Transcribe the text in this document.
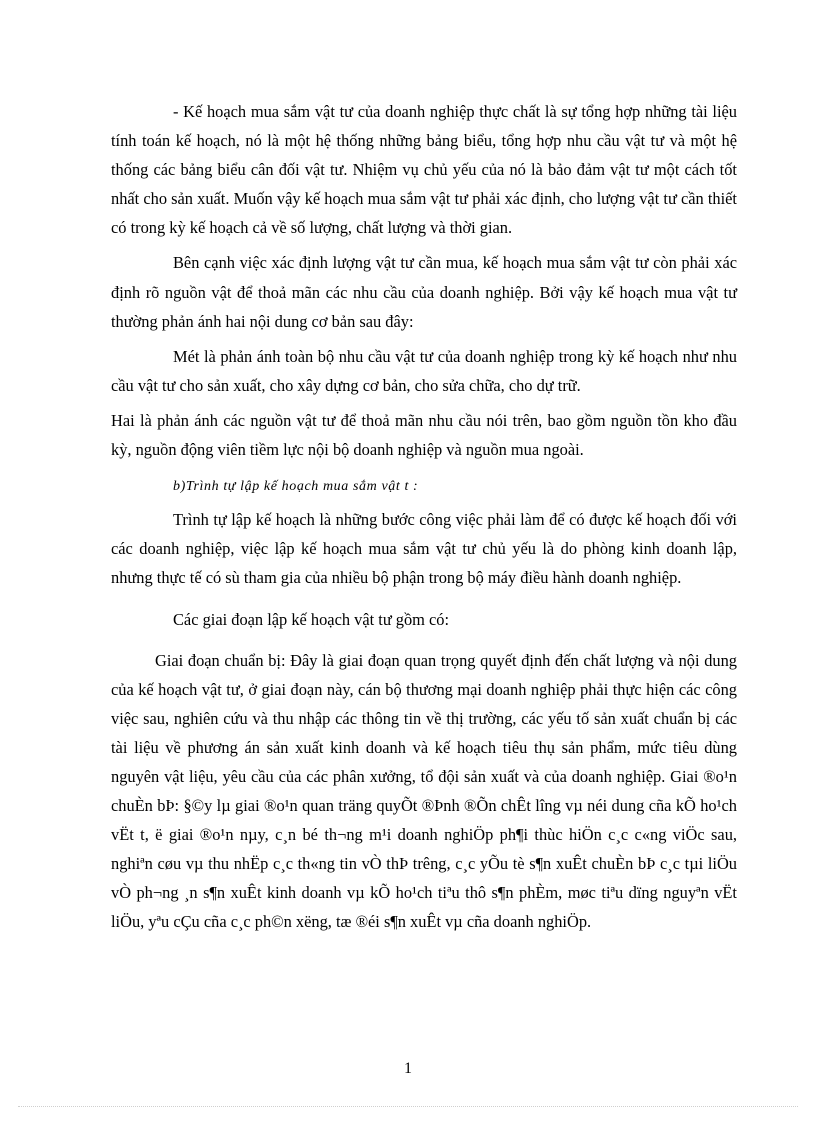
- Kế hoạch mua sắm vật tư của doanh nghiệp thực chất là sự tổng hợp những tài liệu tính toán kế hoạch, nó là một hệ thống những bảng biểu, tổng hợp nhu cầu vật tư và một hệ thống các bảng biểu cân đối vật tư. Nhiệm vụ chủ yếu của nó là bảo đảm vật tư một cách tốt nhất cho sản xuất. Muốn vậy kế hoạch mua sắm vật tư phải xác định, cho lượng vật tư cần thiết có trong kỳ kế hoạch cả về số lượng, chất lượng và thời gian.

Bên cạnh việc xác định lượng vật tư cần mua, kế hoạch mua sắm vật tư còn phải xác định rõ nguồn vật để thoả mãn các nhu cầu của doanh nghiệp. Bởi vậy kế hoạch mua vật tư thường phản ánh hai nội dung cơ bản sau đây:

Mét là phản ánh toàn bộ nhu cầu vật tư của doanh nghiệp trong kỳ kế hoạch như nhu cầu vật tư cho sản xuất, cho xây dựng cơ bản, cho sửa chữa, cho dự trữ.

Hai là phản ánh các nguồn vật tư để thoả mãn nhu cầu nói trên, bao gồm nguồn tồn kho đầu kỳ, nguồn động viên tiềm lực nội bộ doanh nghiệp và nguồn mua ngoài.

b)Trình tự lập kế hoạch mua sắm vật t :

Trình tự lập kế hoạch là những bước công việc phải làm để có được kế hoạch đối với các doanh nghiệp, việc lập kế hoạch mua sắm vật tư chủ yếu là do phòng kinh doanh lập, nhưng thực tế có sù tham gia của nhiều bộ phận trong bộ máy điều hành doanh nghiệp.

Các giai đoạn lập kế hoạch vật tư gồm có:

Giai đoạn chuẩn bị: Đây là giai đoạn quan trọng quyết định đến chất lượng và nội dung của kế hoạch vật tư, ở giai đoạn này, cán bộ thương mại doanh nghiệp phải thực hiện các công việc sau, nghiên cứu và thu nhập các thông tin về thị trường, các yếu tố sản xuất chuẩn bị các tài liệu về phương án sản xuất kinh doanh và kế hoạch tiêu thụ sản phẩm, mức tiêu dùng nguyên vật liệu, yêu cầu của các phân xưởng, tổ đội sản xuất và của doanh nghiệp. Giai ®o¹n chuÈn bÞ: §©y lµ giai ®o¹n quan träng quyÕt ®Þnh ®Õn chÊt lîng vµ néi dung cña kÕ ho¹ch vËt t, ë giai ®o¹n nµy, c¸n bé th¬ng m¹i doanh nghiÖp ph¶i thùc hiÖn c¸c c«ng viÖc sau, nghiªn cøu vµ thu nhËp c¸c th«ng tin vÒ thÞ trêng, c¸c yÕu tè s¶n xuÊt chuÈn bÞ c¸c tµi liÖu vÒ ph¬ng ¸n s¶n xuÊt kinh doanh vµ kÕ ho¹ch tiªu thô s¶n phÈm, møc tiªu dïng nguyªn vËt liÖu, yªu cÇu cña c¸c ph©n xëng, tæ ®éi s¶n xuÊt vµ cña doanh nghiÖp.

1
